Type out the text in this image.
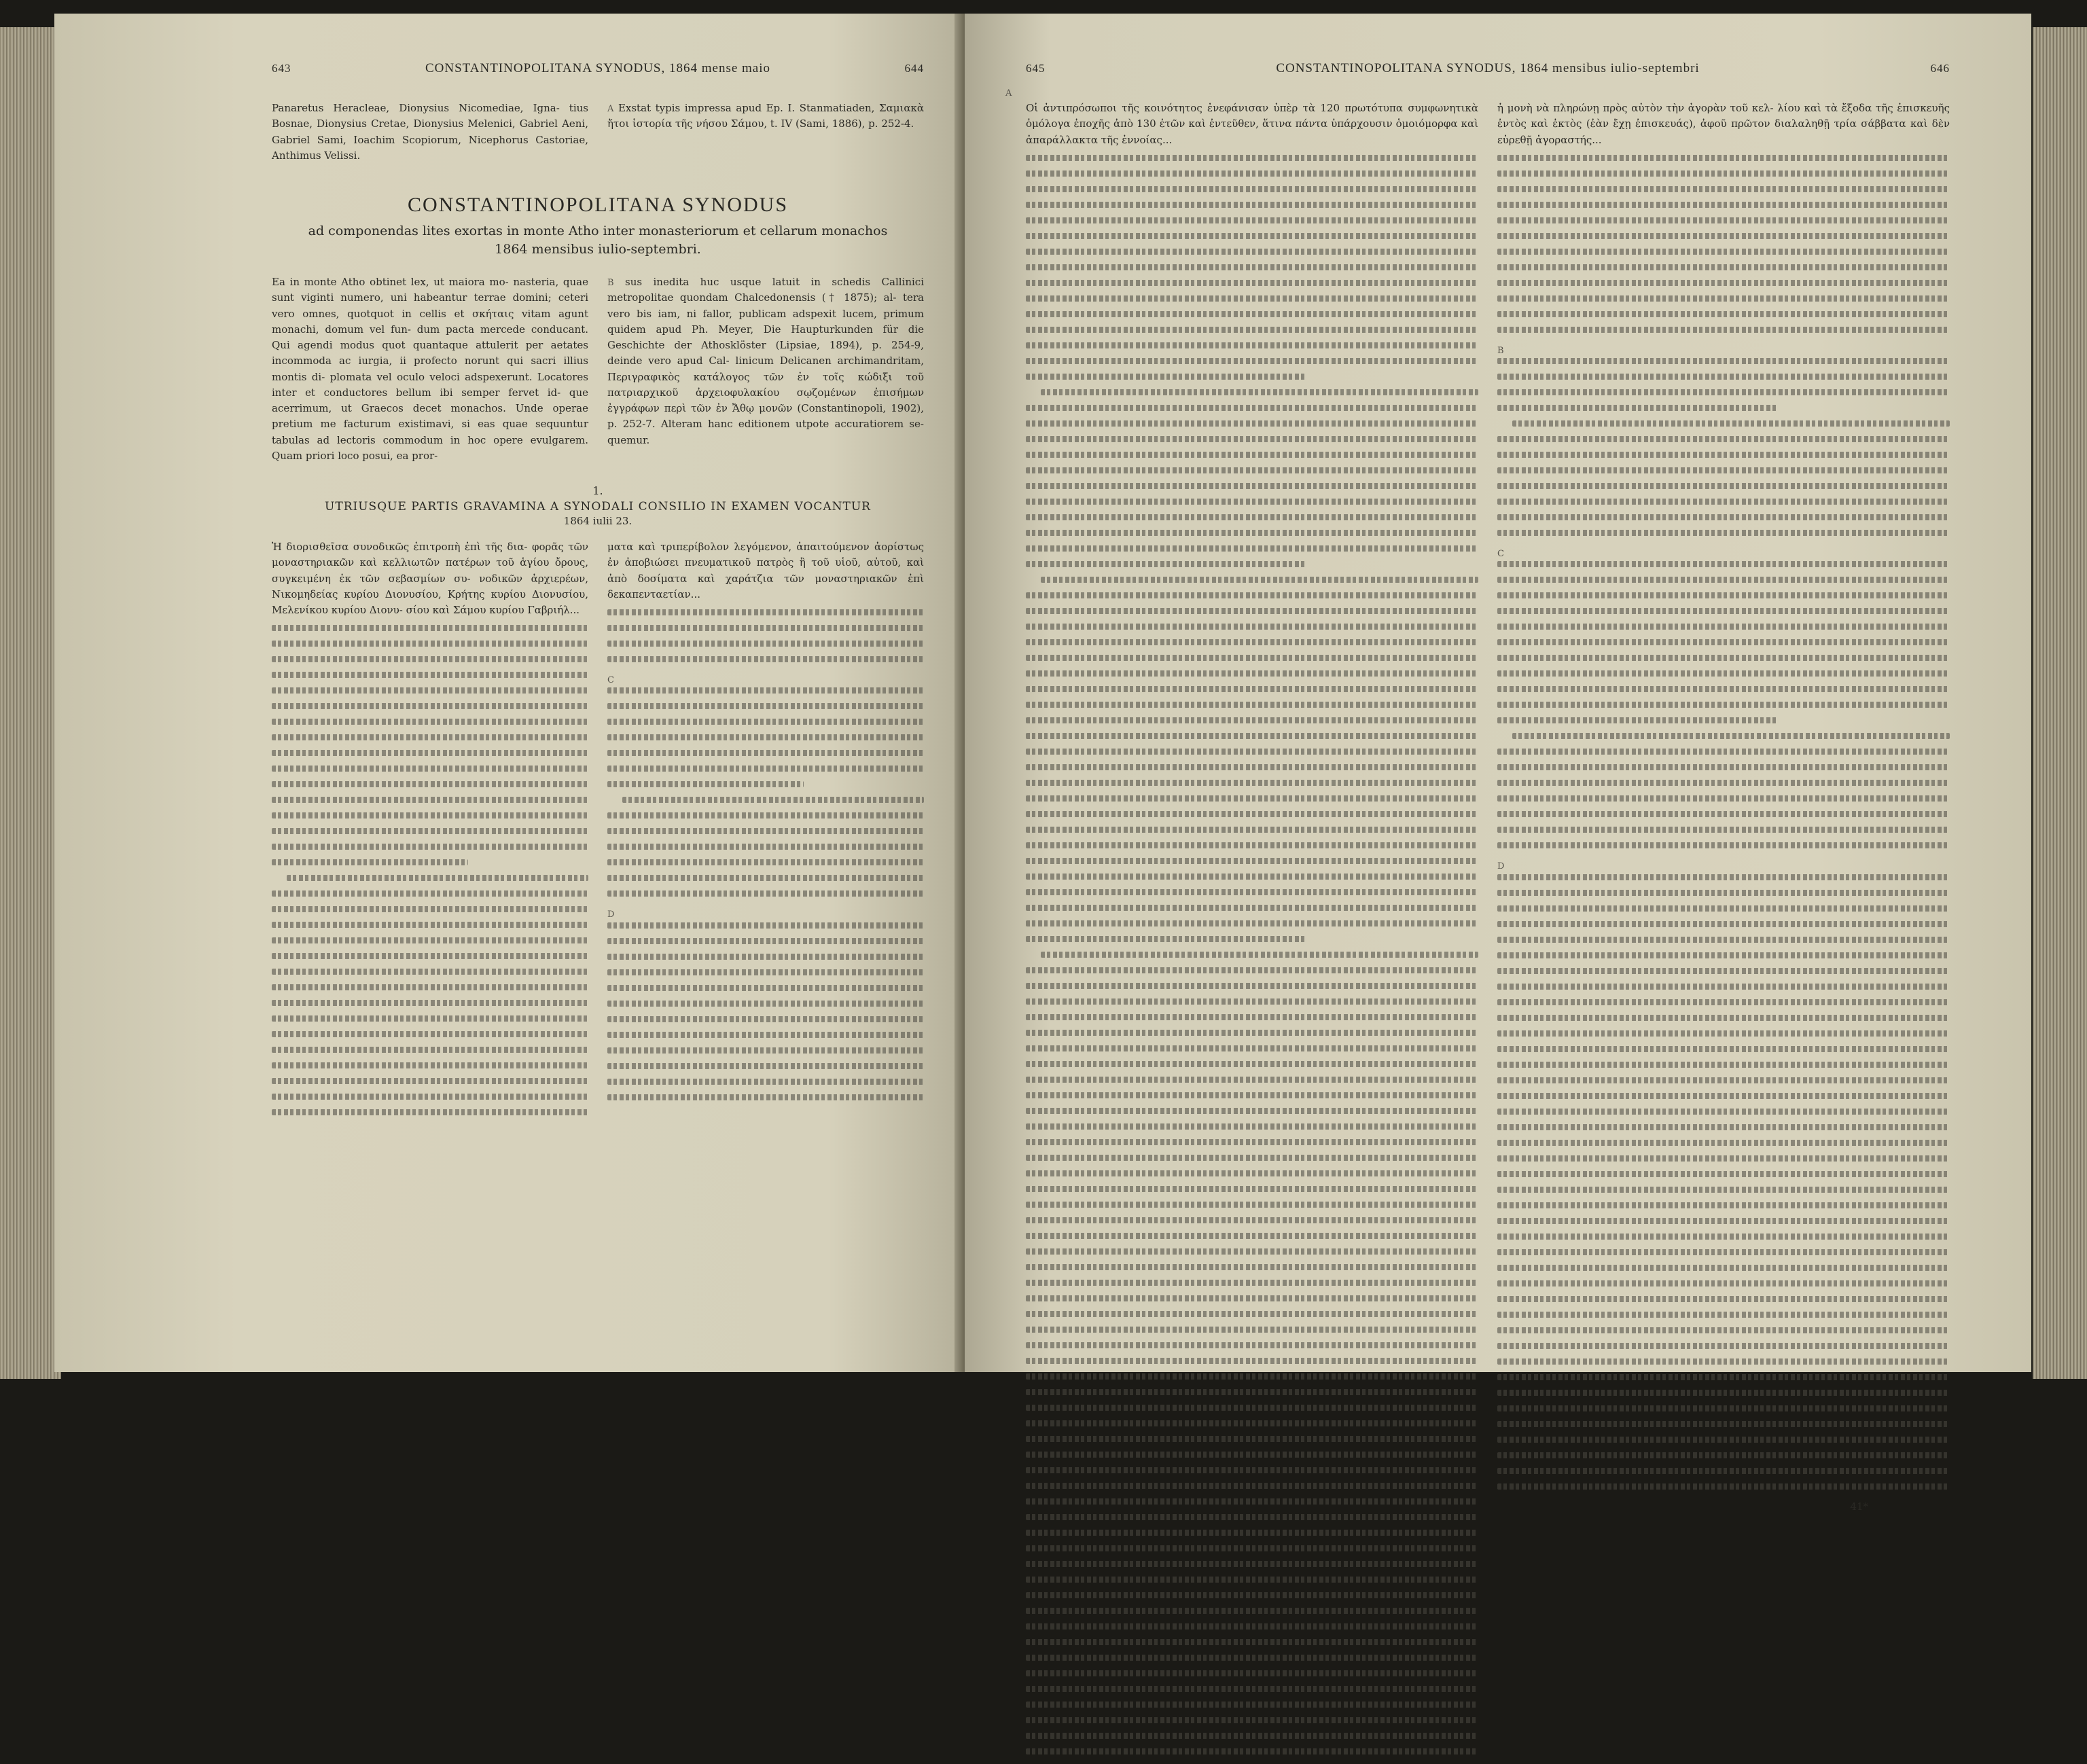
643	CONSTANTINOPOLITANA SYNODUS, 1864 mense maio	644
Panaretus Heracleae, Dionysius Nicomediae, Igna- tius Bosnae, Dionysius Cretae, Dionysius Melenici, Gabriel Aeni, Gabriel Sami, Ioachim Scopiorum, Nicephorus Castoriae, Anthimus Velissi.
A Exstat typis impressa apud Ep. I. Stanmatiaden, Σαμιακὰ ἤτοι ἱστορία τῆς νήσου Σάμου, t. IV (Sami, 1886), p. 252-4.
CONSTANTINOPOLITANA SYNODUS
ad componendas lites exortas in monte Atho inter monasteriorum et cellarum monachos
1864 mensibus iulio-septembri.
Ea in monte Atho obtinet lex, ut maiora mo- nasteria, quae sunt viginti numero, uni habeantur terrae domini; ceteri vero omnes, quotquot in cellis et σκήταις vitam agunt monachi, domum vel fun- dum pacta mercede conducant. Qui agendi modus quot quantaque attulerit per aetates incommoda ac iurgia, ii profecto norunt qui sacri illius montis di- plomata vel oculo veloci adspexerunt. Locatores inter et conductores bellum ibi semper fervet id- que acerrimum, ut Graecos decet monachos. Unde operae pretium me facturum existimavi, si eas quae sequuntur tabulas ad lectoris commodum in hoc opere evulgarem. Quam priori loco posui, ea pror-
B sus inedita huc usque latuit in schedis Callinici metropolitae quondam Chalcedonensis († 1875); al- tera vero bis iam, ni fallor, publicam adspexit lucem, primum quidem apud Ph. Meyer, Die Haupturkunden für die Geschichte der Athosklöster (Lipsiae, 1894), p. 254-9, deinde vero apud Cal- linicum Delicanen archimandritam, Περιγραφικὸς κατάλογος τῶν ἐν τοῖς κώδιξι τοῦ πατριαρχικοῦ ἀρχειοφυλακίου σῳζομένων ἐπισήμων ἐγγράφων περὶ τῶν ἐν Ἄθῳ μονῶν (Constantinopoli, 1902), p. 252-7. Alteram hanc editionem utpote accuratiorem se- quemur.
1.
UTRIUSQUE PARTIS GRAVAMINA A SYNODALI CONSILIO IN EXAMEN VOCANTUR
1864 iulii 23.
Ἡ διορισθεῖσα συνοδικῶς ἐπιτροπὴ ἐπὶ τῆς δια- φορᾶς τῶν μοναστηριακῶν καὶ κελλιωτῶν πατέρων τοῦ ἁγίου ὄρους, συγκειμένη ἐκ τῶν σεβασμίων συ- νοδικῶν ἀρχιερέων, Νικομηδείας κυρίου Διονυσίου, Κρήτης κυρίου Διονυσίου, Μελενίκου κυρίου Διονυ- σίου καὶ Σάμου κυρίου Γαβριήλ...
ματα καὶ τριπερίβολον λεγόμενον, ἀπαιτούμενον ἀορίστως ἐν ἀποβιώσει πνευματικοῦ πατρὸς ἢ τοῦ υἱοῦ, αὐτοῦ, καὶ ἀπὸ δοσίματα καὶ χαράτζια τῶν μοναστηριακῶν ἐπὶ δεκαπενταετίαν...
C
D
645	CONSTANTINOPOLITANA SYNODUS, 1864 mensibus iulio-septembri	646
Οἱ ἀντιπρόσωποι τῆς κοινότητος ἐνεφάνισαν ὑπὲρ τὰ 120 πρωτότυπα συμφωνητικὰ ὁμόλογα ἐποχῆς ἀπὸ 130 ἐτῶν καὶ ἐντεῦθεν, ἅτινα πάντα ὑπάρχουσιν ὁμοιόμορφα καὶ ἀπαράλλακτα τῆς ἐννοίας...
ἡ μονὴ νὰ πληρώνῃ πρὸς αὐτὸν τὴν ἀγορὰν τοῦ κελ- λίου καὶ τὰ ἔξοδα τῆς ἐπισκευῆς ἐντὸς καὶ ἐκτὸς (ἐὰν ἔχῃ ἐπισκευάς), ἀφοῦ πρῶτον διαλαληθῇ τρία σάββατα καὶ δὲν εὑρεθῇ ἀγοραστής...
B
C
D
41*
A
